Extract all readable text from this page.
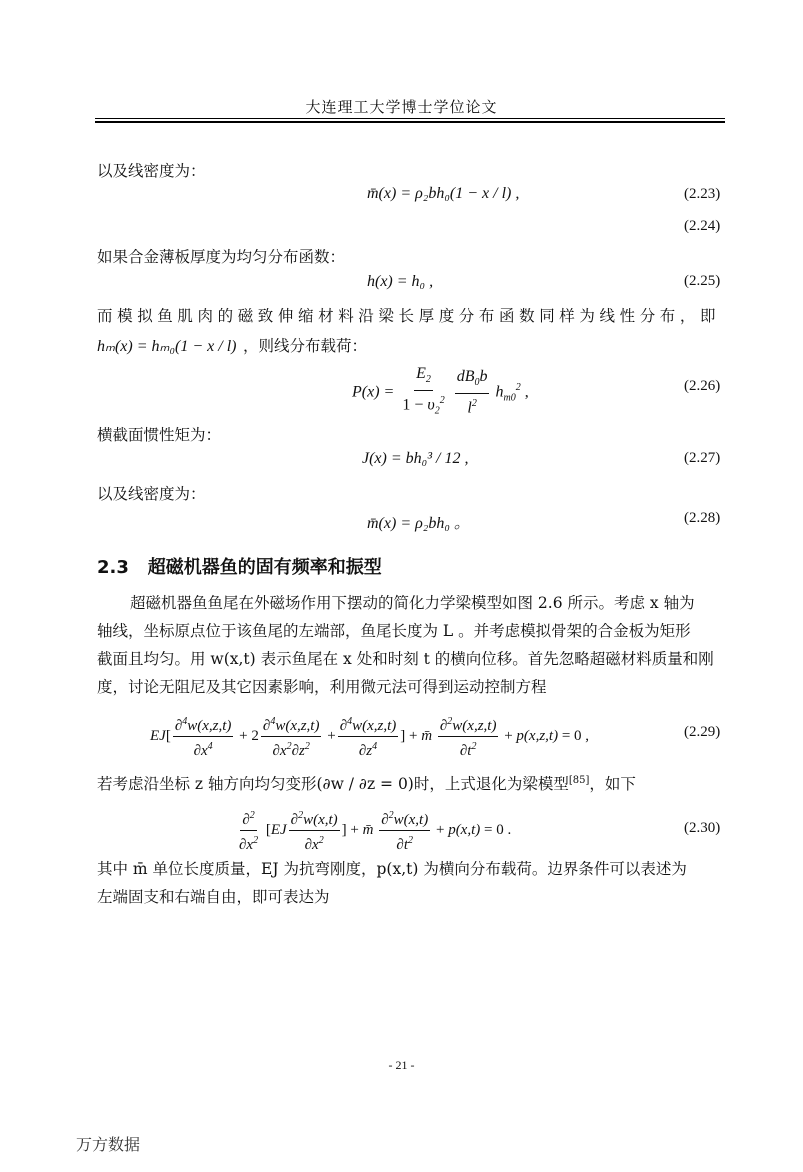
大连理工大学博士学位论文
以及线密度为：
m̄(x) = ρ₂bh₀(1 − x / l) ,	(2.23)
(2.24)
如果合金薄板厚度为均匀分布函数：
h(x) = h₀ ,	(2.25)
而模拟鱼肌肉的磁致伸缩材料沿梁长厚度分布函数同样为线性分布，即
hₘ(x) = hₘ₀(1 − x / l) ，则线分布载荷：
$P(x) = \frac{E_2}{1 - \upsilon_2^2}$
$\frac{dB_0b}{l^2} h_{m0}^2$ ,	(2.26)
横截面惯性矩为：
J(x) = bh₀³ / 12 ,	(2.27)
以及线密度为：
m̄(x) = ρ₂bh₀ 。	(2.28)
2.3 超磁机器鱼的固有频率和振型
超磁机器鱼鱼尾在外磁场作用下摆动的简化力学梁模型如图 2.6 所示。考虑 x 轴为
轴线，坐标原点位于该鱼尾的左端部，鱼尾长度为 L 。并考虑模拟骨架的合金板为矩形
截面且均匀。用 w(x,t) 表示鱼尾在 x 处和时刻 t 的横向位移。首先忽略超磁材料质量和刚
度，讨论无阻尼及其它因素影响，利用微元法可得到运动控制方程
$EJ[ \frac{\partial^4w(x,z,t)}{\partial x^4} + 2 \frac{\partial^4w(x,z,t)}{\partial x^2\partial z^2} + \frac{\partial^4w(x,z,t)}{\partial z^4}$ ] + m̄ $\frac{\partial^2w(x,z,t)}{\partial t^2} + p(x,z,t) = 0$ ,	(2.29)
若考虑沿坐标 z 轴方向均匀变形(∂w / ∂z = 0)时，上式退化为梁模型[85]，如下
$\frac{\partial^2}{\partial x^2} [EJ \frac{\partial^2w(x,t)}{\partial x^2}$ ] + m̄ $\frac{\partial^2w(x,t)}{\partial t^2} + p(x,t) = 0$ .	(2.30)
其中 m̄ 单位长度质量，EJ 为抗弯刚度，p(x,t) 为横向分布载荷。边界条件可以表述为
左端固支和右端自由，即可表达为
- 21 -
万方数据
